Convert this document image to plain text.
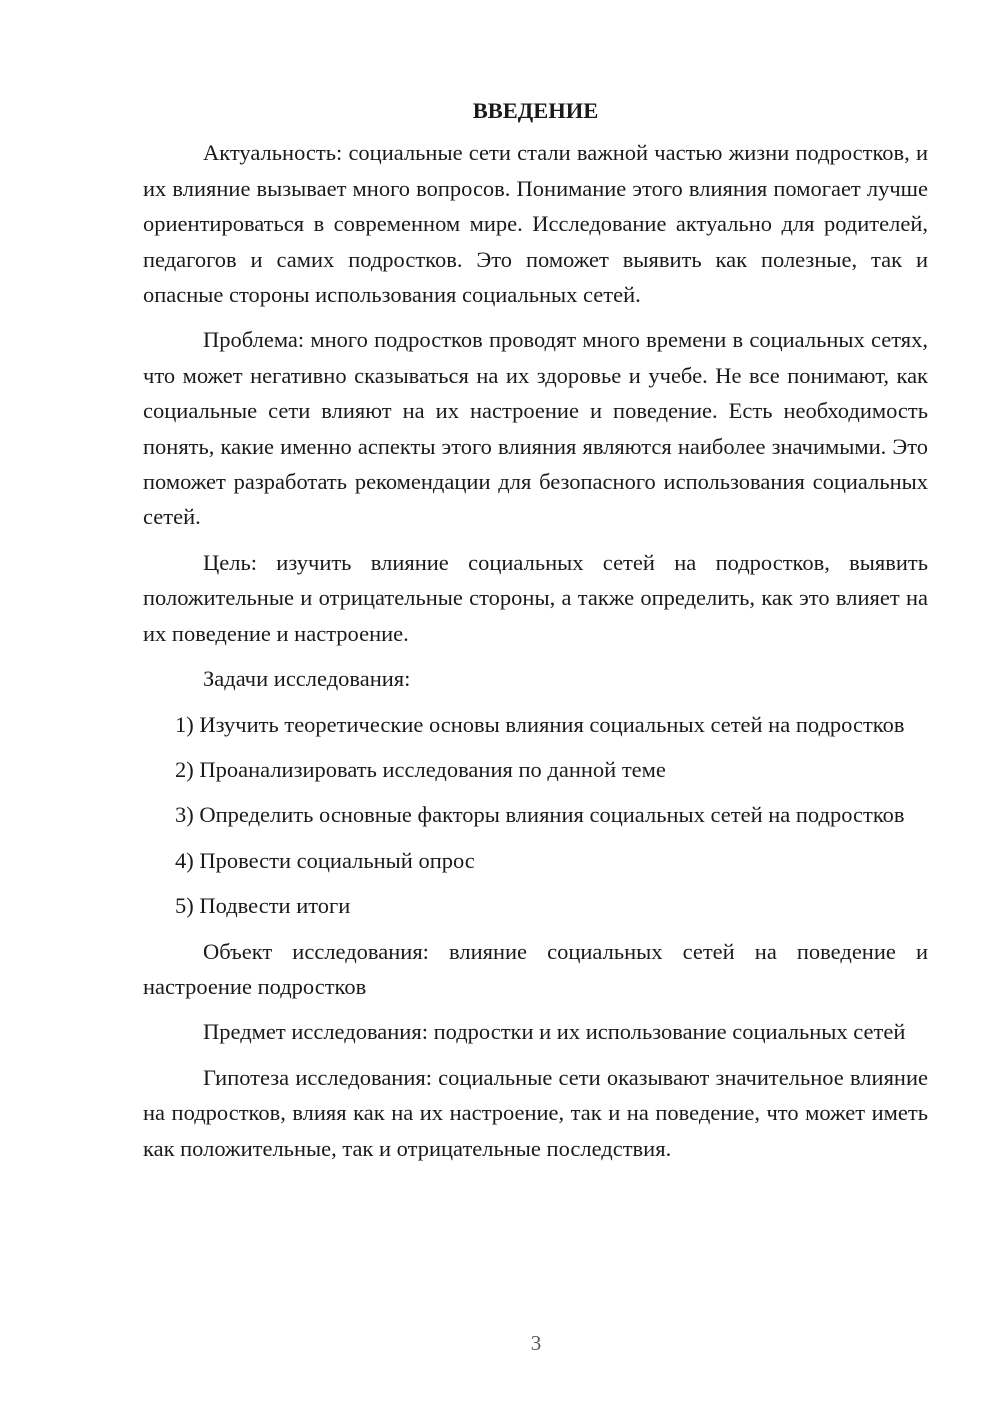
ВВЕДЕНИЕ

Актуальность: социальные сети стали важной частью жизни подростков, и их влияние вызывает много вопросов. Понимание этого влияния помогает лучше ориентироваться в современном мире. Исследование актуально для родителей, педагогов и самих подростков. Это поможет выявить как полезные, так и опасные стороны использования социальных сетей.

Проблема: много подростков проводят много времени в социальных сетях, что может негативно сказываться на их здоровье и учебе. Не все понимают, как социальные сети влияют на их настроение и поведение. Есть необходимость понять, какие именно аспекты этого влияния являются наиболее значимыми. Это поможет разработать рекомендации для безопасного использования социальных сетей.

Цель: изучить влияние социальных сетей на подростков, выявить положительные и отрицательные стороны, а также определить, как это влияет на их поведение и настроение.

Задачи исследования:

1) Изучить теоретические основы влияния социальных сетей на подростков

2) Проанализировать исследования по данной теме

3) Определить основные факторы влияния социальных сетей на подростков

4) Провести социальный опрос

5) Подвести итоги

Объект исследования: влияние социальных сетей на поведение и настроение подростков

Предмет исследования: подростки и их использование социальных сетей

Гипотеза исследования: социальные сети оказывают значительное влияние на подростков, влияя как на их настроение, так и на поведение, что может иметь как положительные, так и отрицательные последствия.

3
